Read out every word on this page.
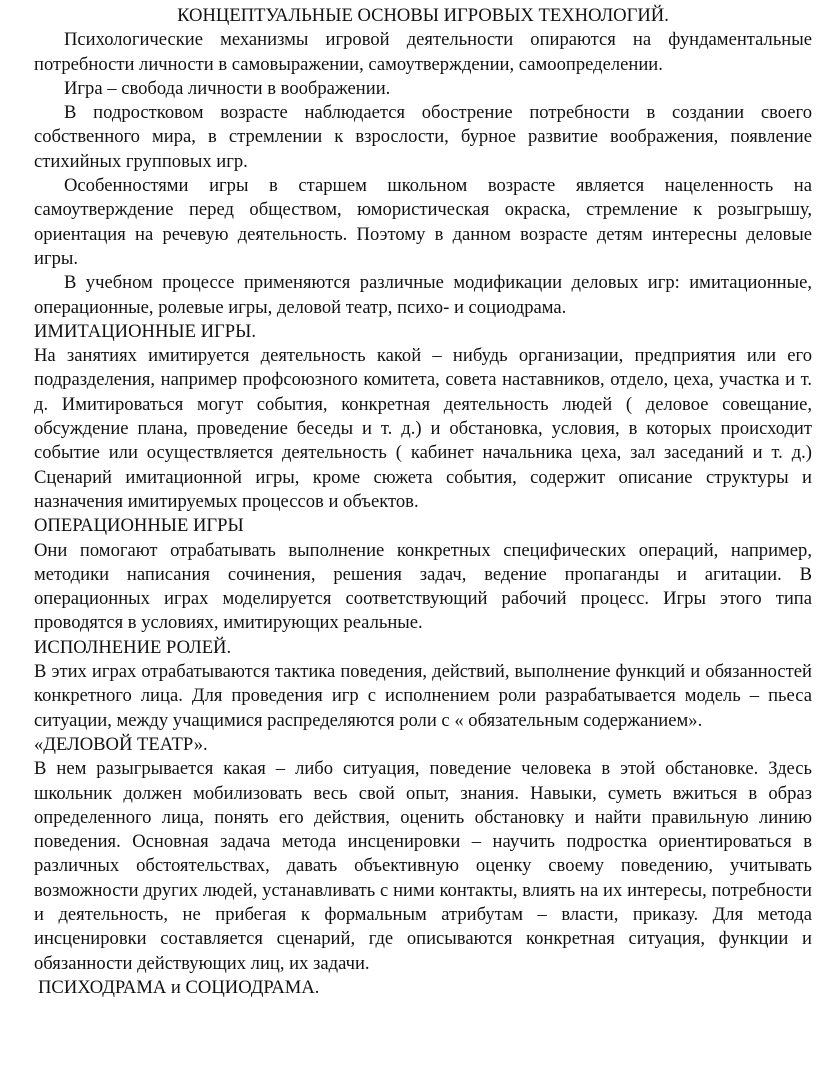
КОНЦЕПТУАЛЬНЫЕ ОСНОВЫ ИГРОВЫХ ТЕХНОЛОГИЙ.

Психологические механизмы игровой деятельности опираются на фундаментальные потребности личности в самовыражении, самоутверждении, самоопределении.

Игра – свобода личности в воображении.

В подростковом возрасте наблюдается обострение потребности в создании своего собственного мира, в стремлении к взрослости, бурное развитие воображения, появление стихийных групповых игр.

Особенностями игры в старшем школьном возрасте является нацеленность на самоутверждение перед обществом, юмористическая окраска, стремление к розыгрышу, ориентация на речевую деятельность. Поэтому в данном возрасте детям интересны деловые игры.

В учебном процессе применяются различные модификации деловых игр: имитационные, операционные, ролевые игры, деловой театр, психо- и социодрама.

ИМИТАЦИОННЫЕ ИГРЫ.

На занятиях имитируется деятельность какой – нибудь организации, предприятия или его подразделения, например профсоюзного комитета, совета наставников, отдело, цеха, участка и т. д. Имитироваться могут события, конкретная деятельность людей ( деловое совещание, обсуждение плана, проведение беседы и т. д.) и обстановка, условия, в которых происходит событие или осуществляется деятельность ( кабинет начальника цеха, зал заседаний и т. д.) Сценарий имитационной игры, кроме сюжета события, содержит описание структуры и назначения имитируемых процессов и объектов.

ОПЕРАЦИОННЫЕ ИГРЫ

Они помогают отрабатывать выполнение конкретных специфических операций, например, методики написания сочинения, решения задач, ведение пропаганды и агитации. В операционных играх моделируется соответствующий рабочий процесс. Игры этого типа проводятся в условиях, имитирующих реальные.

ИСПОЛНЕНИЕ РОЛЕЙ.

В этих играх отрабатываются тактика поведения, действий, выполнение функций и обязанностей конкретного лица. Для проведения игр с исполнением роли разрабатывается модель – пьеса ситуации, между учащимися распределяются роли с « обязательным содержанием».

«ДЕЛОВОЙ ТЕАТР».

В нем разыгрывается какая – либо ситуация, поведение человека в этой обстановке. Здесь школьник должен мобилизовать весь свой опыт, знания. Навыки, суметь вжиться в образ определенного лица, понять его действия, оценить обстановку и найти правильную линию поведения. Основная задача метода инсценировки – научить подростка ориентироваться в различных обстоятельствах, давать объективную оценку своему поведению, учитывать возможности других людей, устанавливать с ними контакты, влиять на их интересы, потребности и деятельность, не прибегая к формальным атрибутам – власти, приказу. Для метода инсценировки составляется сценарий, где описываются конкретная ситуация, функции и обязанности действующих лиц, их задачи.

ПСИХОДРАМА и СОЦИОДРАМА.
